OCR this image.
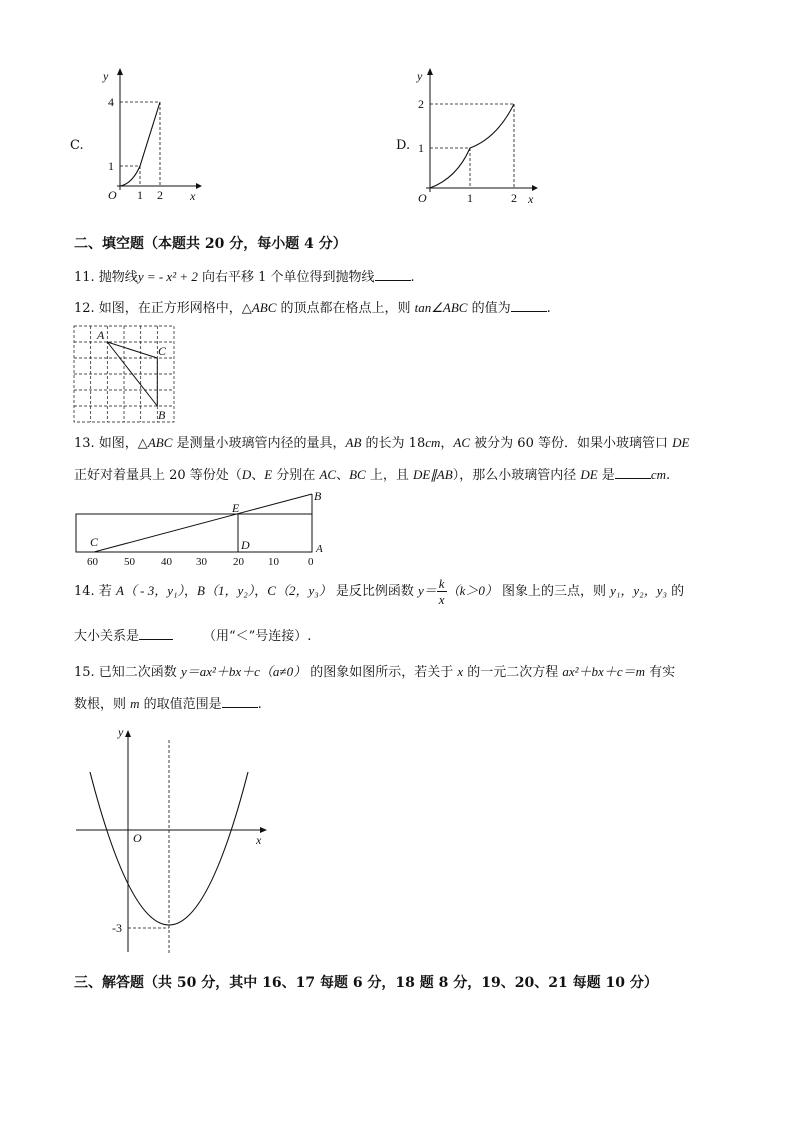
C.
y
x
O
4
1
1 2
D.
y
x
O
2
1
1	2
二、填空题（本题共 20 分，每小题 4 分）
11. 抛物线y = - x² + 2 向右平移 1 个单位得到抛物线	.
12. 如图，在正方形网格中，△ABC 的顶点都在格点上，则 tan∠ABC 的值为	.
A
C
B
13. 如图，△ABC 是测量小玻璃管内径的量具，AB 的长为 18cm，AC 被分为 60 等份．如果小玻璃管口 DE
正好对着量具上 20 等份处（D、E 分别在 AC、BC 上，且 DE∥AB），那么小玻璃管内径 DE 是	cm.
B
E
C	D	A
60 50 40 30 20 10	0
14. 若 A（ - 3，y₁），B（1，y₂），C（2，y₃） 是反比例函数 $y= \frac{k}{x} (k>0)$ 图象上的三点，则 y₁，y₂，y₃ 的
大小关系是	（用“＜”号连接）.
15. 已知二次函数 y＝ax²＋bx＋c（a≠0） 的图象如图所示，若关于 x 的一元二次方程 ax²＋bx＋c＝m 有实
数根，则 m 的取值范围是	.
y
x
O
-3
三、解答题（共 50 分，其中 16、17 每题 6 分，18 题 8 分，19、20、21 每题 10 分）
